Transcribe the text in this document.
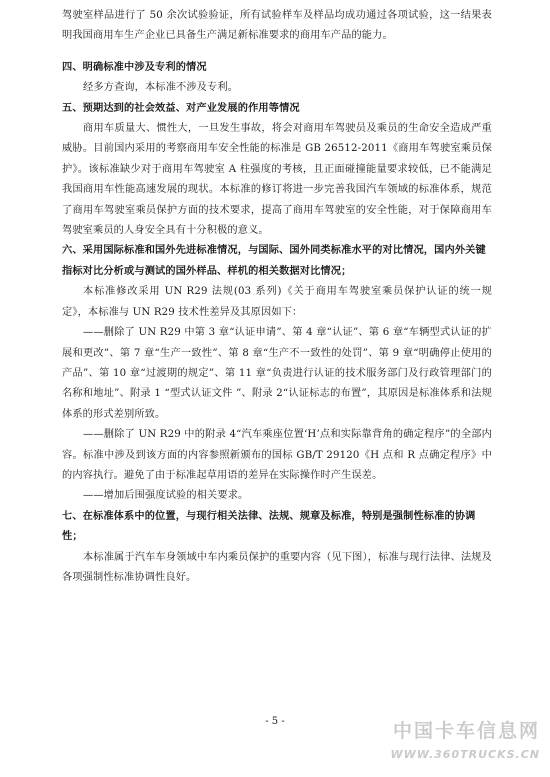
驾驶室样品进行了 50 余次试验验证，所有试验样车及样品均成功通过各项试验，这一结果表明我国商用车生产企业已具备生产满足新标准要求的商用车产品的能力。

四、明确标准中涉及专利的情况

经多方查询，本标准不涉及专利。

五、预期达到的社会效益、对产业发展的作用等情况

商用车质量大、惯性大，一旦发生事故，将会对商用车驾驶员及乘员的生命安全造成严重威胁。目前国内采用的考察商用车安全性能的标准是 GB 26512-2011《商用车驾驶室乘员保护》。该标准缺少对于商用车驾驶室 A 柱强度的考核，且正面碰撞能量要求较低，已不能满足我国商用车性能高速发展的现状。本标准的修订将进一步完善我国汽车领域的标准体系，规范了商用车驾驶室乘员保护方面的技术要求，提高了商用车驾驶室的安全性能，对于保障商用车驾驶室乘员的人身安全具有十分积极的意义。

六、采用国际标准和国外先进标准情况，与国际、国外同类标准水平的对比情况，国内外关键指标对比分析或与测试的国外样品、样机的相关数据对比情况；

本标准修改采用 UN R29 法规(03 系列)《关于商用车驾驶室乘员保护认证的统一规定》，本标准与 UN R29 技术性差异及其原因如下：

——删除了 UN R29 中第 3 章“认证申请”、第 4 章“认证”、第 6 章“车辆型式认证的扩展和更改”、第 7 章“生产一致性”、第 8 章“生产不一致性的处罚”、第 9 章“明确停止使用的产品”、第 10 章“过渡期的规定”、第 11 章“负责进行认证的技术服务部门及行政管理部门的名称和地址”、附录 1 “型式认证文件 ”、附录 2“认证标志的布置”，其原因是标准体系和法规体系的形式差别所致。

——删除了 UN R29 中的附录 4“汽车乘座位置‘H’点和实际靠背角的确定程序”的全部内容。标准中涉及到该方面的内容参照新颁布的国标 GB/T 29120《H 点和 R 点确定程序》中的内容执行。避免了由于标准起草用语的差异在实际操作时产生误差。

——增加后围强度试验的相关要求。

七、在标准体系中的位置，与现行相关法律、法规、规章及标准，特别是强制性标准的协调性；

本标准属于汽车车身领域中车内乘员保护的重要内容（见下图），标准与现行法律、法规及各项强制性标准协调性良好。

- 5 -	中国卡车信息网
WWW.360TRUCKS.CN
